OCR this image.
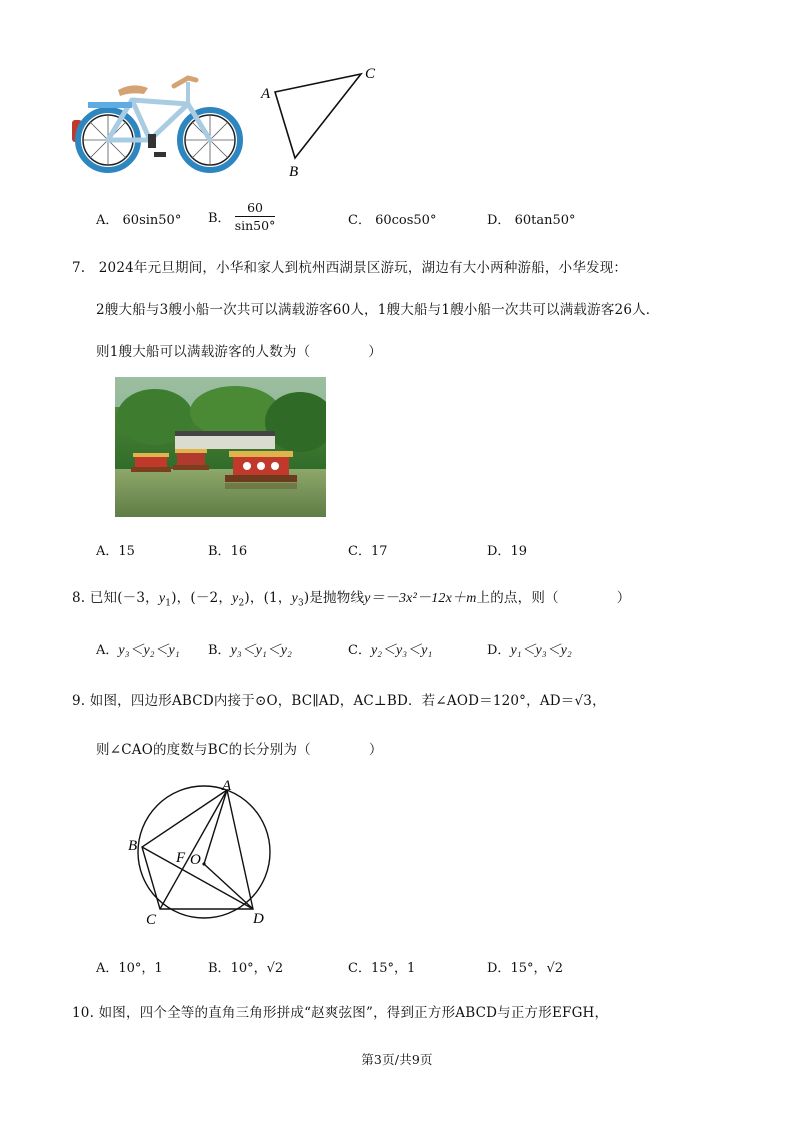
A
C
B
A． 60sin50° B． $\frac{60}{\sin 50^\circ}$	C． 60cos50°	D． 60tan50°
7. 2024年元旦期间，小华和家人到杭州西湖景区游玩，湖边有大小两种游船，小华发现：
2艘大船与3艘小船一次共可以满载游客60人，1艘大船与1艘小船一次共可以满载游客26人．
则1艘大船可以满载游客的人数为（	）
A．15	B．16	C．17	D．19
8. 已知(－3，$y_1$)，(－2，$y_2$)，(1，$y_3$)是抛物线y＝－3x²－12x＋m上的点，则（	）
A．y₃＜y₂＜y₁ B．y₃＜y₁＜y₂	C．y₂＜y₃＜y₁	D．y₁＜y₃＜y₂
9. 如图，四边形ABCD内接于⊙O，BC∥AD，AC⊥BD．若∠AOD＝120°，AD＝√3，
则∠CAO的度数与BC的长分别为（	）
A
B
C	D
F O
A．10°，1	B．10°，√2	C．15°，1	D．15°，√2
10. 如图，四个全等的直角三角形拼成“赵爽弦图”，得到正方形ABCD与正方形EFGH，
第3页/共9页
